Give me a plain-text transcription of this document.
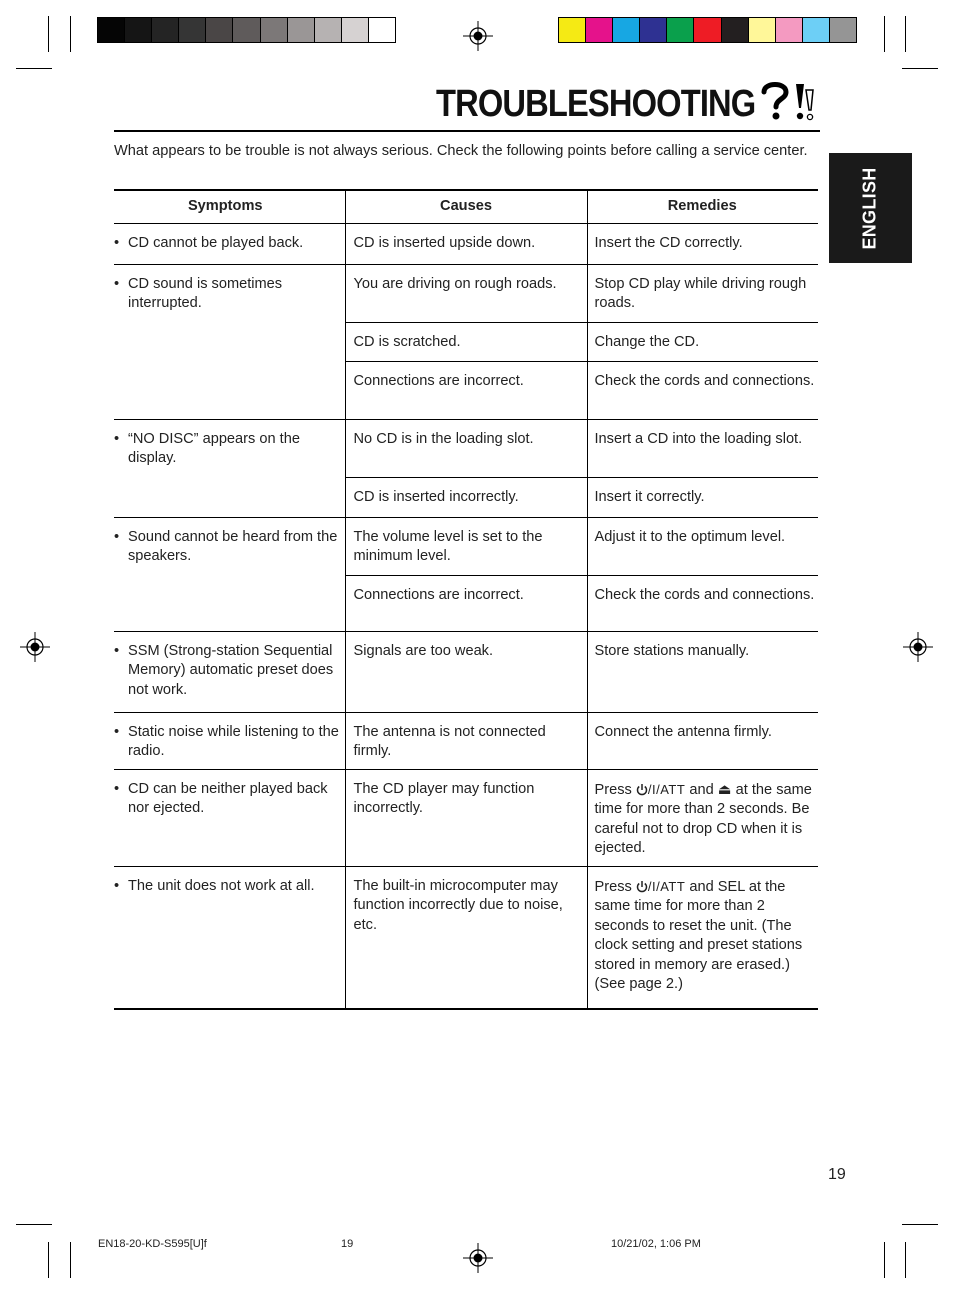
TROUBLESHOOTING

What appears to be trouble is not always serious. Check the following points before calling a service center.

ENGLISH
Symptoms	Causes	Remedies

• CD cannot be played back.	CD is inserted upside down.	Insert the CD correctly.

• CD sound is sometimes interrupted.	You are driving on rough roads.	Stop CD play while driving rough roads.
	CD is scratched.	Change the CD.
	Connections are incorrect.	Check the cords and connections.

• “NO DISC” appears on the display.	No CD is in the loading slot.	Insert a CD into the loading slot.
	CD is inserted incorrectly.	Insert it correctly.

• Sound cannot be heard from the speakers.	The volume level is set to the minimum level.	Adjust it to the optimum level.
	Connections are incorrect.	Check the cords and connections.

• SSM (Strong-station Sequential Memory) automatic preset does not work.	Signals are too weak.	Store stations manually.

• Static noise while listening to the radio.	The antenna is not connected firmly.	Connect the antenna firmly.

• CD can be neither played back nor ejected.	The CD player may function incorrectly.	Press /I/ATT and ⏏ at the same time for more than 2 seconds. Be careful not to drop CD when it is ejected.

• The unit does not work at all.	The built-in microcomputer may function incorrectly due to noise, etc.	Press /I/ATT and SEL at the same time for more than 2 seconds to reset the unit. (The clock setting and preset stations stored in memory are erased.) (See page 2.)
19
EN18-20-KD-S595[U]f	19	10/21/02, 1:06 PM
